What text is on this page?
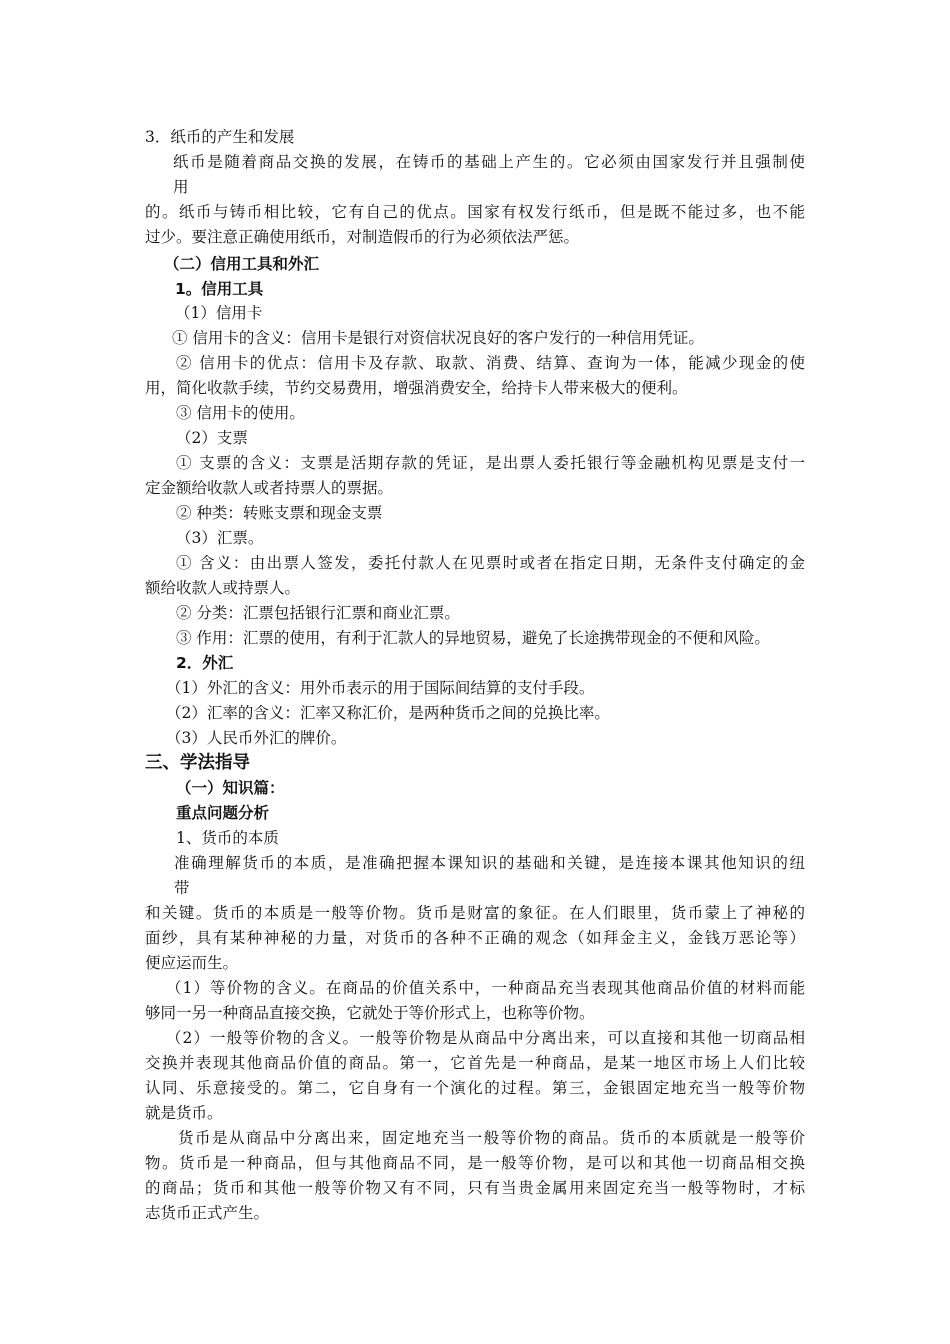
3．纸币的产生和发展
纸币是随着商品交换的发展，在铸币的基础上产生的。它必须由国家发行并且强制使
用
的。纸币与铸币相比较，它有自己的优点。国家有权发行纸币，但是既不能过多，也不能
过少。要注意正确使用纸币，对制造假币的行为必须依法严惩。
（二）信用工具和外汇
1。信用工具
（1）信用卡
① 信用卡的含义：信用卡是银行对资信状况良好的客户发行的一种信用凭证。
② 信用卡的优点：信用卡及存款、取款、消费、结算、查询为一体，能减少现金的使
用，简化收款手续，节约交易费用，增强消费安全，给持卡人带来极大的便利。
③ 信用卡的使用。
（2）支票
① 支票的含义：支票是活期存款的凭证，是出票人委托银行等金融机构见票是支付一
定金额给收款人或者持票人的票据。
② 种类：转账支票和现金支票
（3）汇票。
① 含义：由出票人签发，委托付款人在见票时或者在指定日期，无条件支付确定的金
额给收款人或持票人。
② 分类：汇票包括银行汇票和商业汇票。
③ 作用：汇票的使用，有利于汇款人的异地贸易，避免了长途携带现金的不便和风险。
2．外汇
（1）外汇的含义：用外币表示的用于国际间结算的支付手段。
（2）汇率的含义：汇率又称汇价，是两种货币之间的兑换比率。
（3）人民币外汇的牌价。
三、学法指导
（一）知识篇：
重点问题分析
1、货币的本质
准确理解货币的本质，是准确把握本课知识的基础和关键，是连接本课其他知识的纽
带
和关键。货币的本质是一般等价物。货币是财富的象征。在人们眼里，货币蒙上了神秘的
面纱，具有某种神秘的力量，对货币的各种不正确的观念（如拜金主义，金钱万恶论等）
便应运而生。
（1）等价物的含义。在商品的价值关系中，一种商品充当表现其他商品价值的材料而能
够同一另一种商品直接交换，它就处于等价形式上，也称等价物。
（2）一般等价物的含义。一般等价物是从商品中分离出来，可以直接和其他一切商品相
交换并表现其他商品价值的商品。第一，它首先是一种商品，是某一地区市场上人们比较
认同、乐意接受的。第二，它自身有一个演化的过程。第三，金银固定地充当一般等价物
就是货币。
货币是从商品中分离出来，固定地充当一般等价物的商品。货币的本质就是一般等价
物。货币是一种商品，但与其他商品不同，是一般等价物，是可以和其他一切商品相交换
的商品；货币和其他一般等价物又有不同，只有当贵金属用来固定充当一般等物时，才标
志货币正式产生。
